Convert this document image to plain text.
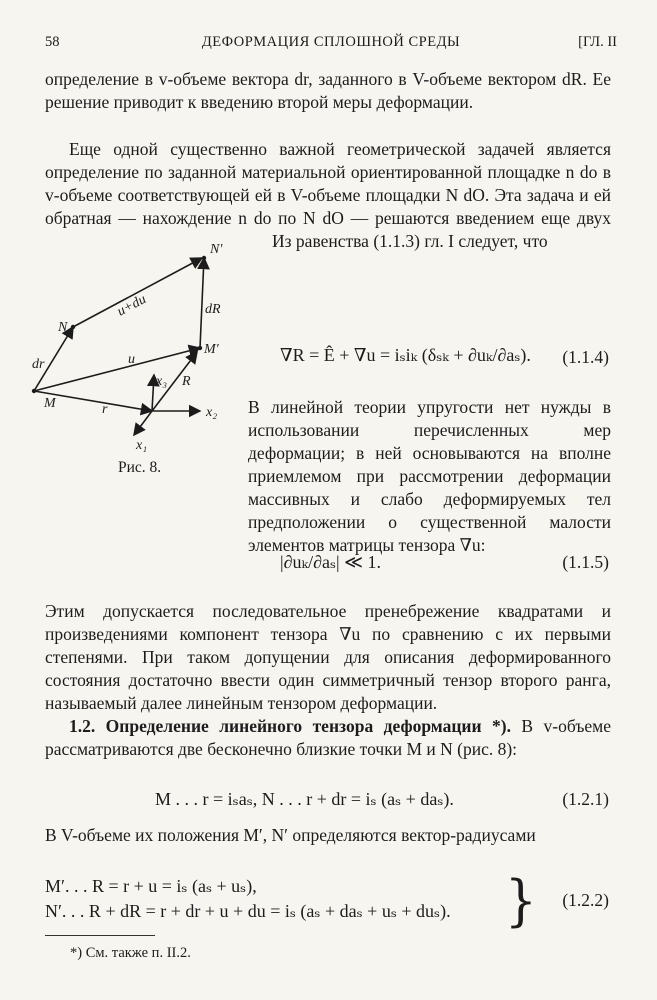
58	ДЕФОРМАЦИЯ СПЛОШНОЙ СРЕДЫ	[ГЛ. II
определение в v-объеме вектора dr, заданного в V-объеме вектором dR. Ее решение приводит к введению второй меры деформации.
Еще одной существенно важной геометрической задачей является определение по заданной материальной ориентированной площадке n do в v-объеме соответствующей ей в V-объеме площадки N dO. Эта задача и ей обратная — нахождение n do по N dO — решаются введением еще двух
Из равенства (1.1.3) гл. I следует, что
∇R = Ê + ∇u = iₛiₖ (δₛₖ + ∂uₖ/∂aₛ). (1.1.4)
В линейной теории упругости нет нужды в использовании перечисленных мер деформации; в ней основываются на вполне приемлемом при рассмотрении деформации массивных и слабо деформируемых тел предположении о существенной малости элементов матрицы тензора ∇u:
|∂uₖ/∂aₛ| ≪ 1.	(1.1.5)
Этим допускается последовательное пренебрежение квадратами и произведениями компонент тензора ∇u по сравнению с их первыми степенями. При таком допущении для описания деформированного состояния достаточно ввести один симметричный тензор второго ранга, называемый далее линейным тензором деформации.
1.2. Определение линейного тензора деформации *). В v-объеме рассматриваются две бесконечно близкие точки M и N (рис. 8):
M . . . r = iₛaₛ, N . . . r + dr = iₛ (aₛ + daₛ).	(1.2.1)
В V-объеме их положения M′, N′ определяются вектор-радиусами
M′. . . R = r + u = iₛ (aₛ + uₛ),
N′. . . R + dR = r + dr + u + du = iₛ (aₛ + daₛ + uₛ + duₛ). } (1.2.2)
N′
N
M′
M
u+du	dR
dr	u
r
R
x₁
x₂
x₃
Рис. 8.
*) См. также п. II.2.
